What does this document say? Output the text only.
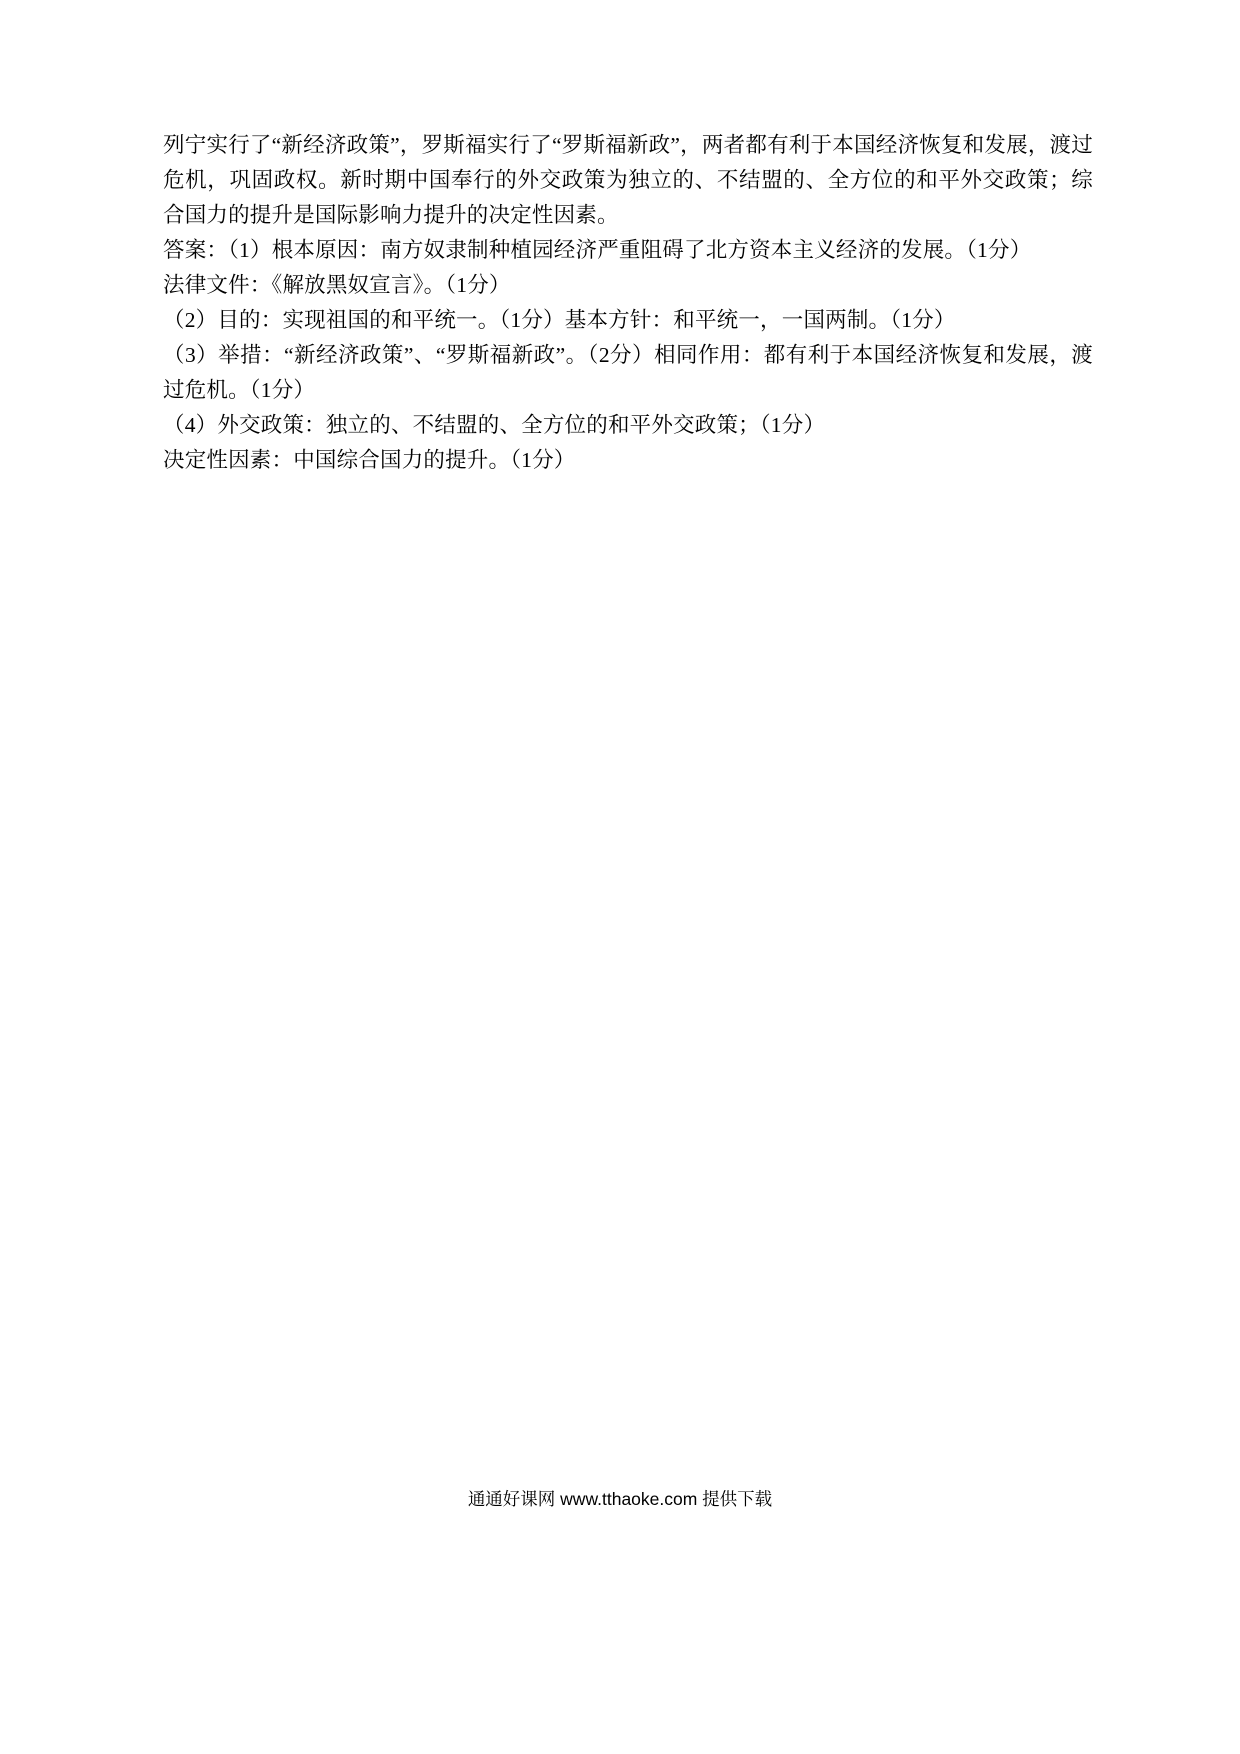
列宁实行了“新经济政策”，罗斯福实行了“罗斯福新政”，两者都有利于本国经济恢复和发展，渡过危机，巩固政权。新时期中国奉行的外交政策为独立的、不结盟的、全方位的和平外交政策；综合国力的提升是国际影响力提升的决定性因素。

答案：（1）根本原因：南方奴隶制种植园经济严重阻碍了北方资本主义经济的发展。（1分）

法律文件：《解放黑奴宣言》。（1分）

（2）目的：实现祖国的和平统一。（1分）基本方针：和平统一，一国两制。（1分）

（3）举措：“新经济政策”、“罗斯福新政”。（2分）相同作用：都有利于本国经济恢复和发展，渡过危机。（1分）

（4）外交政策：独立的、不结盟的、全方位的和平外交政策；（1分）

决定性因素：中国综合国力的提升。（1分）

通通好课网 www.tthaoke.com 提供下载
